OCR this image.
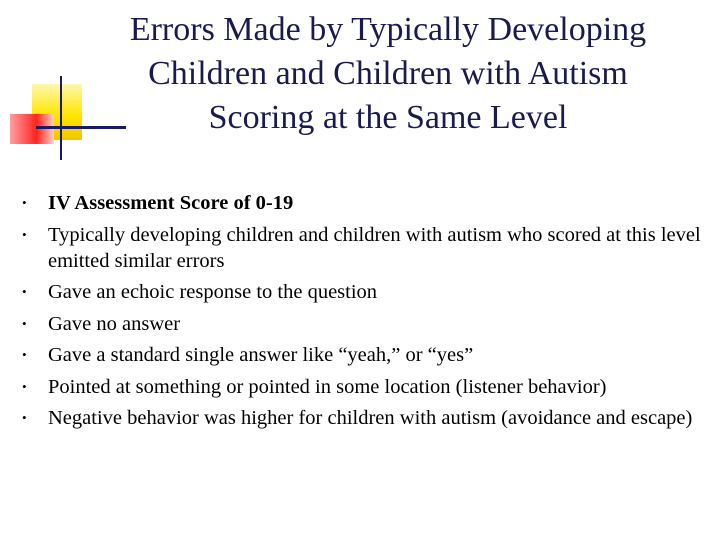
Errors Made by Typically Developing
Children and Children with Autism
Scoring at the Same Level
•	IV Assessment Score of 0-19
•	Typically developing children and children with autism who scored at this level emitted similar errors
•	Gave an echoic response to the question
•	Gave no answer
•	Gave a standard single answer like “yeah,” or “yes”
•	Pointed at something or pointed in some location (listener behavior)
•	Negative behavior was higher for children with autism (avoidance and escape)
